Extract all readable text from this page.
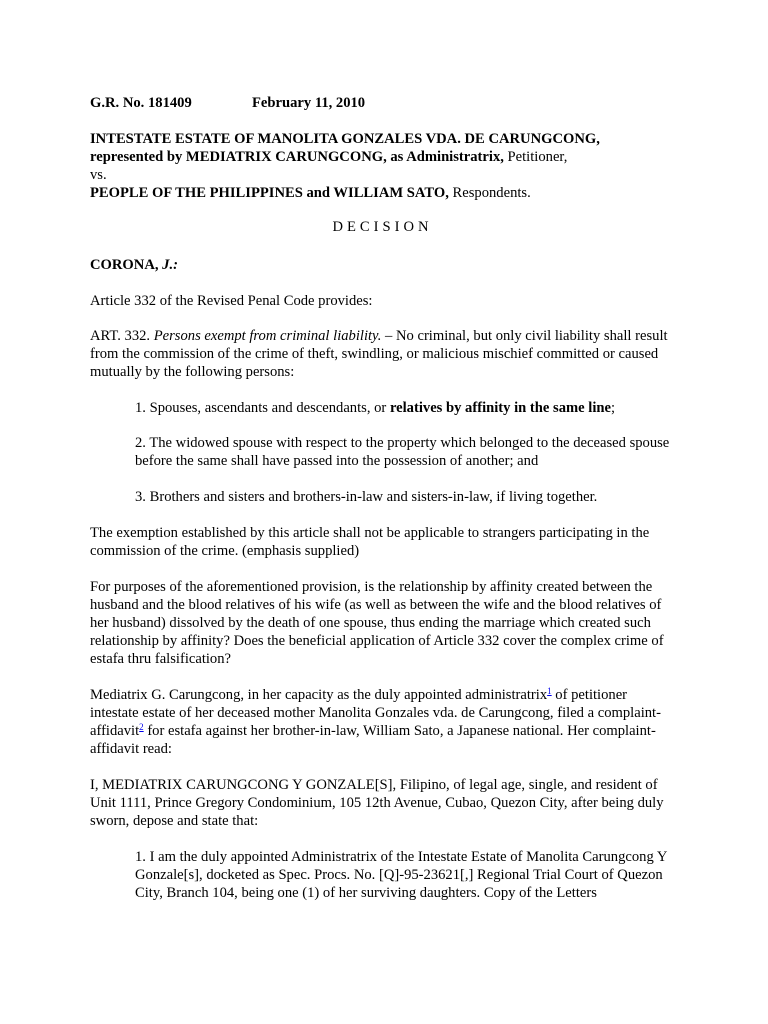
G.R. No. 181409	February 11, 2010

INTESTATE ESTATE OF MANOLITA GONZALES VDA. DE CARUNGCONG,
represented by MEDIATRIX CARUNGCONG, as Administratrix, Petitioner,
vs.
PEOPLE OF THE PHILIPPINES and WILLIAM SATO, Respondents.

DECISION

CORONA, J.:

Article 332 of the Revised Penal Code provides:

ART. 332. Persons exempt from criminal liability. – No criminal, but only civil liability shall result from the commission of the crime of theft, swindling, or malicious mischief committed or caused mutually by the following persons:

1. Spouses, ascendants and descendants, or relatives by affinity in the same line;

2. The widowed spouse with respect to the property which belonged to the deceased spouse before the same shall have passed into the possession of another; and

3. Brothers and sisters and brothers-in-law and sisters-in-law, if living together.

The exemption established by this article shall not be applicable to strangers participating in the commission of the crime. (emphasis supplied)

For purposes of the aforementioned provision, is the relationship by affinity created between the husband and the blood relatives of his wife (as well as between the wife and the blood relatives of her husband) dissolved by the death of one spouse, thus ending the marriage which created such relationship by affinity? Does the beneficial application of Article 332 cover the complex crime of estafa thru falsification?

Mediatrix G. Carungcong, in her capacity as the duly appointed administratrix$^1$ of petitioner intestate estate of her deceased mother Manolita Gonzales vda. de Carungcong, filed a complaint-affidavit$^2$ for estafa against her brother-in-law, William Sato, a Japanese national. Her complaint-affidavit read:

I, MEDIATRIX CARUNGCONG Y GONZALE[S], Filipino, of legal age, single, and resident of Unit 1111, Prince Gregory Condominium, 105 12th Avenue, Cubao, Quezon City, after being duly sworn, depose and state that:

1. I am the duly appointed Administratrix of the Intestate Estate of Manolita Carungcong Y Gonzale[s], docketed as Spec. Procs. No. [Q]-95-23621[,] Regional Trial Court of Quezon City, Branch 104, being one (1) of her surviving daughters. Copy of the Letters
